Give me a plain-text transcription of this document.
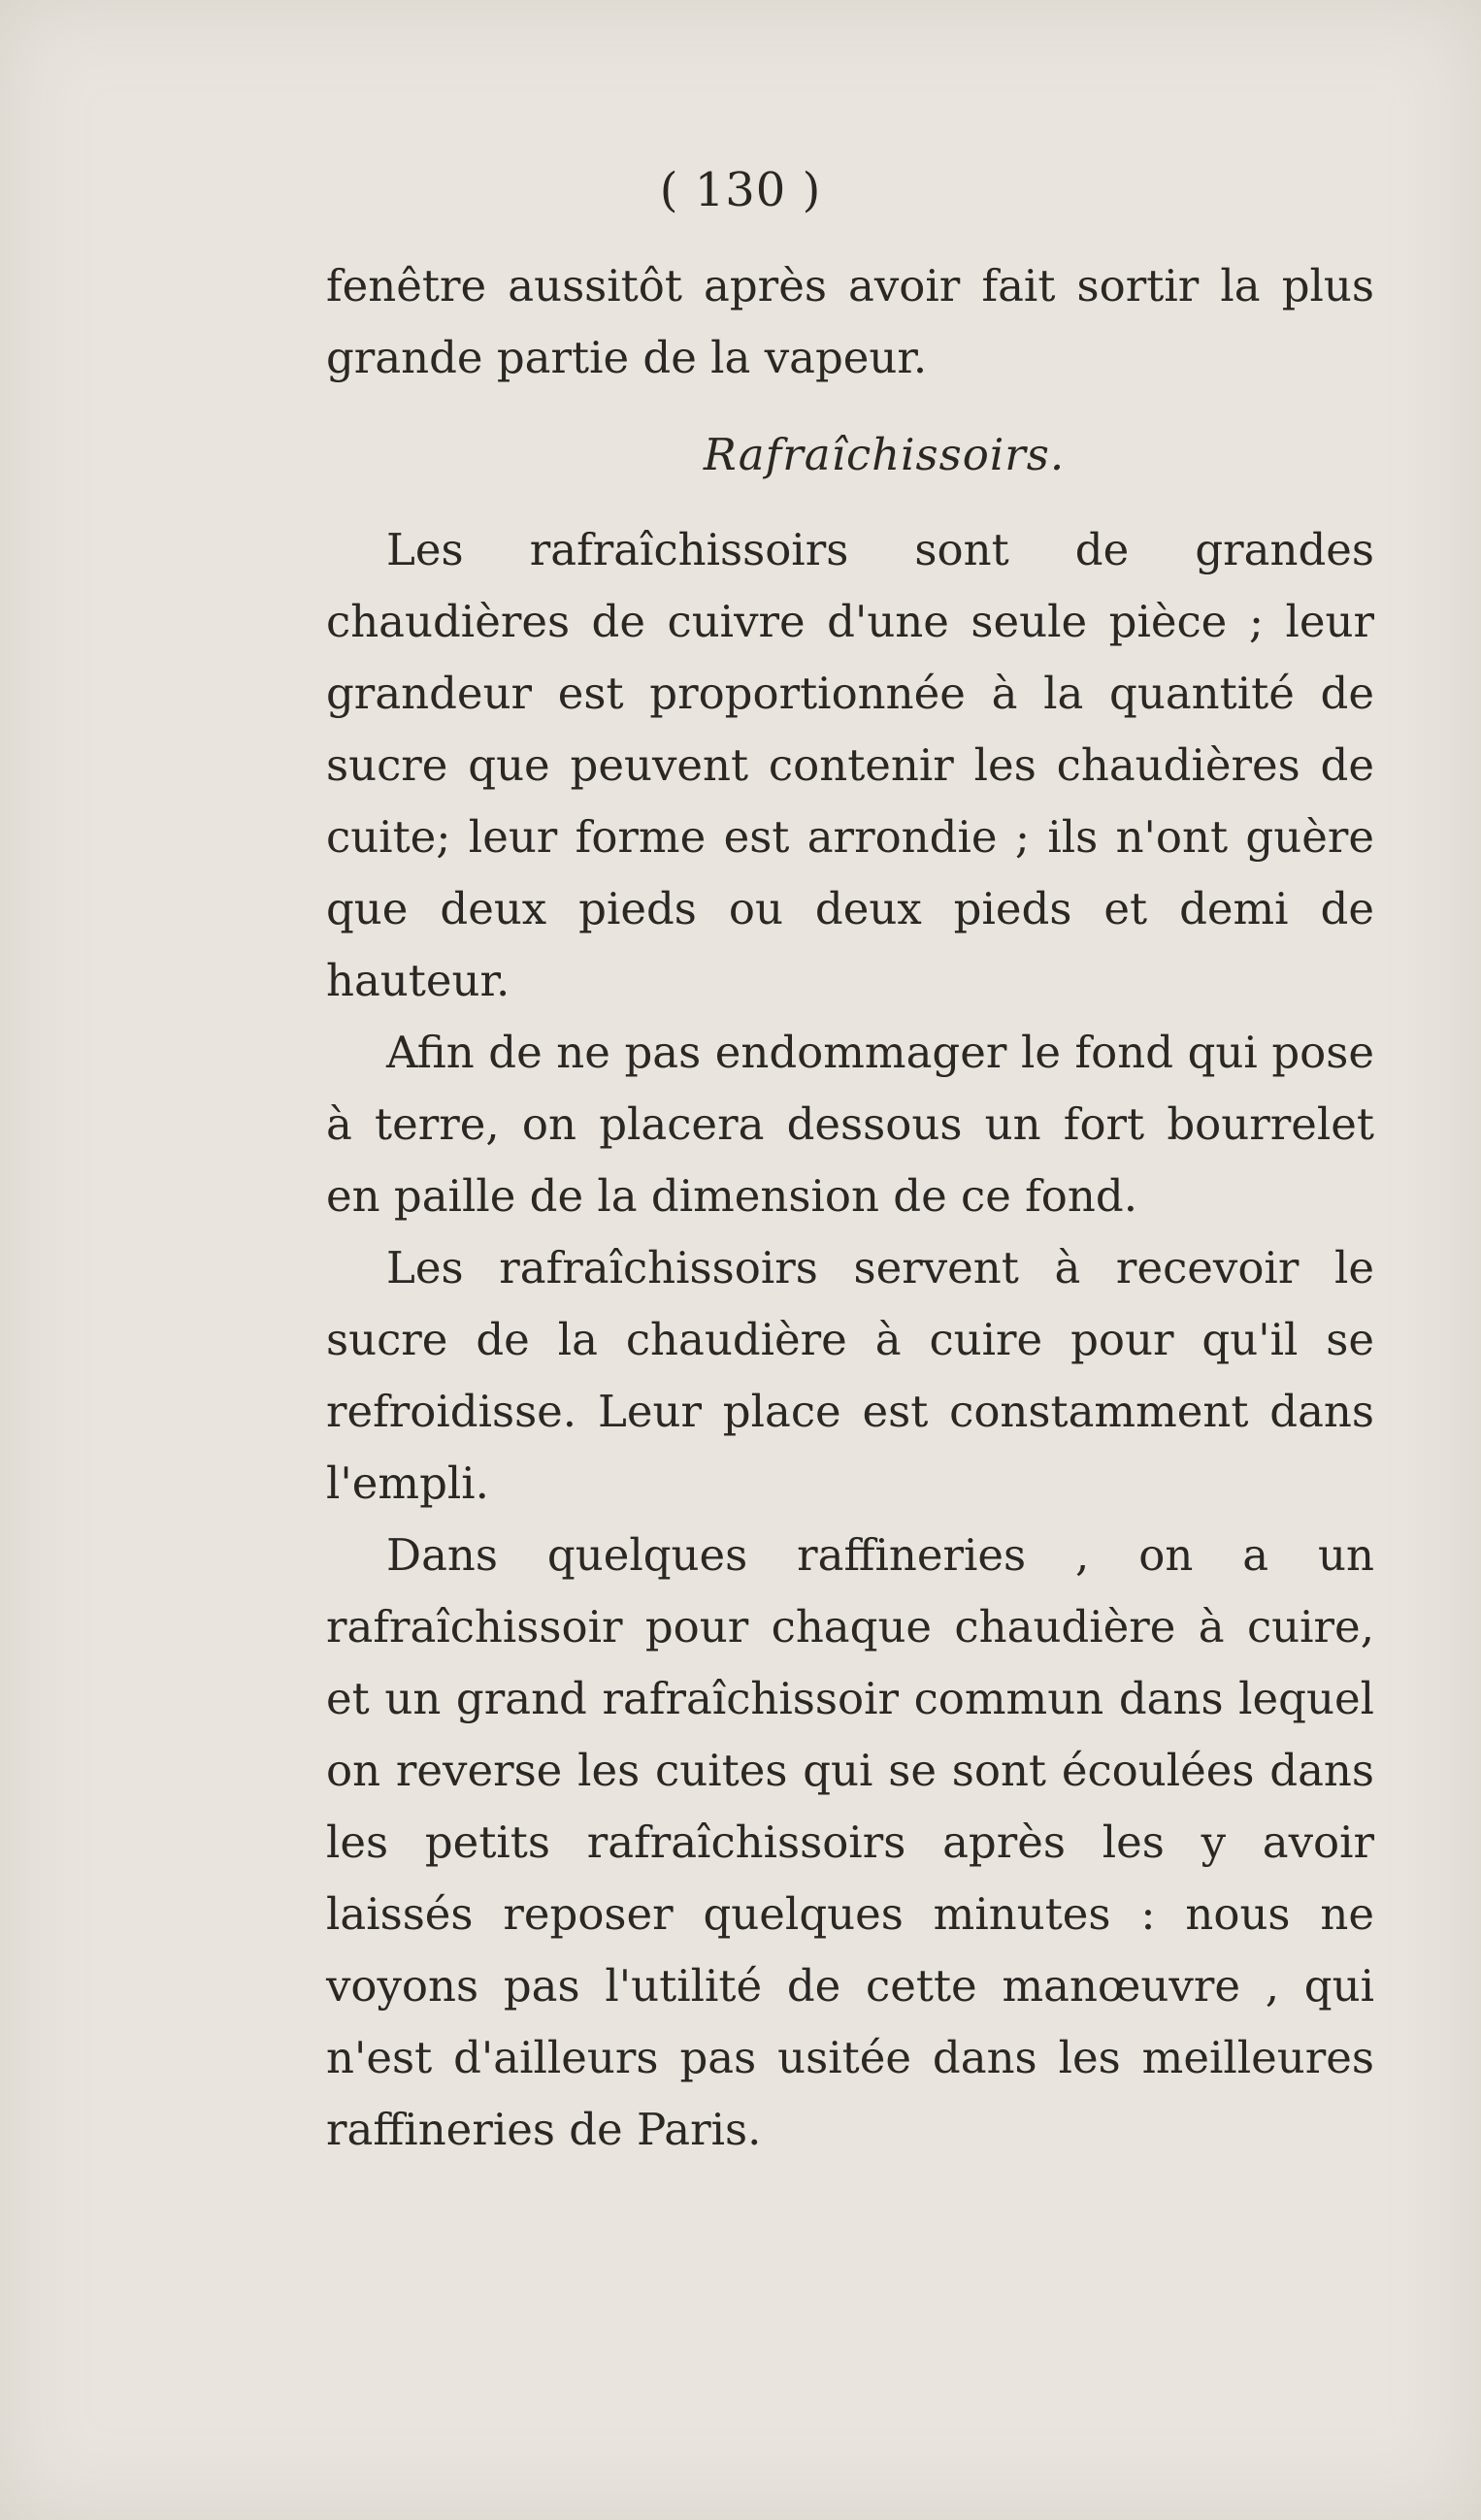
( 130 )

fenêtre aussitôt après avoir fait sortir la plus grande partie de la vapeur.

Rafraîchissoirs.

Les rafraîchissoirs sont de grandes chaudières de cuivre d'une seule pièce ; leur grandeur est proportionnée à la quantité de sucre que peuvent contenir les chaudières de cuite; leur forme est arrondie ; ils n'ont guère que deux pieds ou deux pieds et demi de hauteur.

Afin de ne pas endommager le fond qui pose à terre, on placera dessous un fort bourrelet en paille de la dimension de ce fond.

Les rafraîchissoirs servent à recevoir le sucre de la chaudière à cuire pour qu'il se refroidisse. Leur place est constamment dans l'empli.

Dans quelques raffineries , on a un rafraîchissoir pour chaque chaudière à cuire, et un grand rafraîchissoir commun dans lequel on reverse les cuites qui se sont écoulées dans les petits rafraîchissoirs après les y avoir laissés reposer quelques minutes : nous ne voyons pas l'utilité de cette manœuvre , qui n'est d'ailleurs pas usitée dans les meilleures raffineries de Paris.
